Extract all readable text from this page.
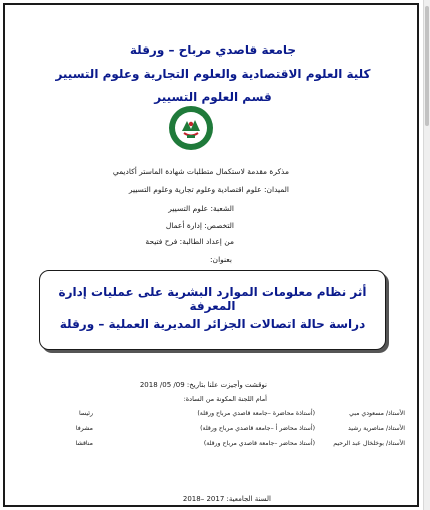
جامعة قاصدي مرباح – ورقلة
كلية العلوم الاقتصادية والعلوم التجارية وعلوم التسيير
قسم العلوم التسيير
مذكرة مقدمة لاستكمال متطلبات شهادة الماستر أكاديمي
الميدان: علوم اقتصادية وعلوم تجارية وعلوم التسيير
الشعبة: علوم التسيير
التخصص: إدارة أعمال
من إعداد الطالبة: فرح فتيحة
بعنوان:
أثر نظام معلومات الموارد البشرية على عمليات إدارة المعرفة
دراسة حالة اتصالات الجزائر المديرية العملية – ورقلة
نوقشت وأجيزت علنا بتاريخ: 09/ 05/ 2018
أمام اللجنة المكونة من السادة:
الأستاذ/ مسعودي مبي
(أستاذة محاضرة –جامعة قاصدي مرباح ورقلة)
رئيسا
الأستاذ/ مناصرية رشيد
(أستاذ محاضر أ –جامعة قاصدي مرباح ورقلة)
مشرفا
الأستاذ/ بوخلخال عبد الرحيم
(أستاذ محاضر –جامعة قاصدي مرباح ورقلة)
مناقشا
السنة الجامعية: 2017 –2018
